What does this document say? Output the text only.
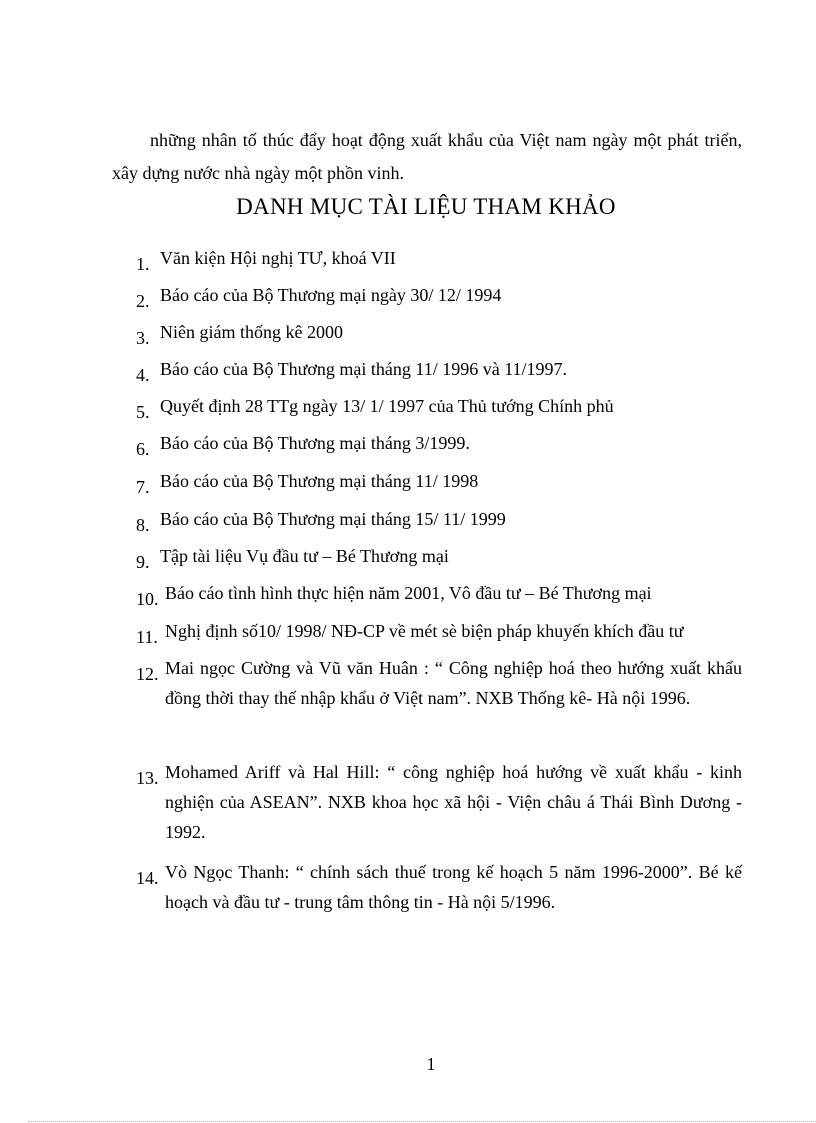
những nhân tố thúc đẩy hoạt động xuất khẩu của Việt nam ngày một phát triển, xây dựng nước nhà ngày một phồn vinh.

DANH MỤC TÀI LIỆU THAM KHẢO
1. Văn kiện Hội nghị TƯ, khoá VII
2. Báo cáo của Bộ Thương mại ngày 30/ 12/ 1994
3. Niên giám thống kê 2000
4. Báo cáo của Bộ Thương mại tháng 11/ 1996 và 11/1997.
5. Quyết định 28 TTg ngày 13/ 1/ 1997 của Thủ tướng Chính phủ
6. Báo cáo của Bộ Thương mại tháng 3/1999.
7. Báo cáo của Bộ Thương mại tháng 11/ 1998
8. Báo cáo của Bộ Thương mại tháng 15/ 11/ 1999
9. Tập tài liệu Vụ đầu tư – Bé Thương mại
10. Báo cáo tình hình thực hiện năm 2001, Vô đầu tư – Bé Thương mại
11. Nghị định số10/ 1998/ NĐ-CP về mét sè biện pháp khuyến khích đầu tư
12. Mai ngọc Cường và Vũ văn Huân : “ Công nghiệp hoá theo hướng xuất khẩu đồng thời thay thế nhập khẩu ở Việt nam”. NXB Thống kê- Hà nội 1996.
13. Mohamed Ariff và Hal Hill: “ công nghiệp hoá hướng về xuất khẩu - kinh nghiện của ASEAN”. NXB khoa học xã hội - Viện châu á Thái Bình Dương - 1992.
14. Vò Ngọc Thanh: “ chính sách thuế trong kế hoạch 5 năm 1996-2000”. Bé kế hoạch và đầu tư - trung tâm thông tin - Hà nội 5/1996.
1
